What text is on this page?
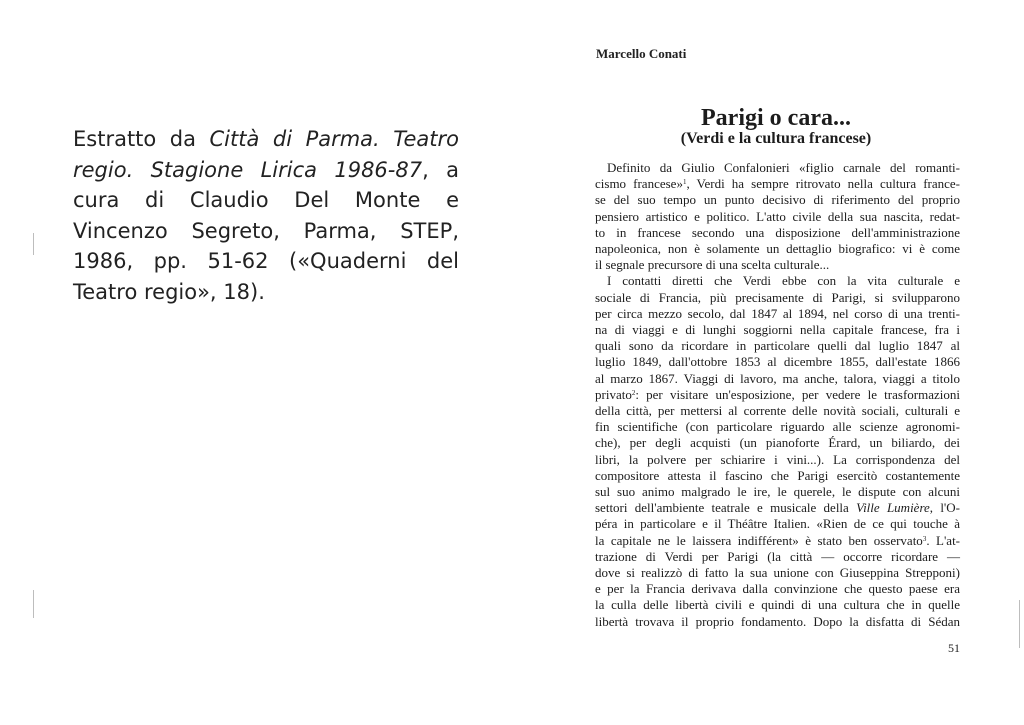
Estratto da Città di Parma. Teatro regio. Stagione Lirica 1986-87, a cura di Claudio Del Monte e Vincenzo Segreto, Parma, STEP, 1986, pp. 51-62 («Quaderni del Teatro regio», 18).

Marcello Conati
Parigi o cara...
(Verdi e la cultura francese)
Definito da Giulio Confalonieri «figlio carnale del romanti-
cismo francese»$^1$, Verdi ha sempre ritrovato nella cultura france-
se del suo tempo un punto decisivo di riferimento del proprio
pensiero artistico e politico. L'atto civile della sua nascita, redat-
to in francese secondo una disposizione dell'amministrazione
napoleonica, non è solamente un dettaglio biografico: vi è come
il segnale precursore di una scelta culturale...
I contatti diretti che Verdi ebbe con la vita culturale e
sociale di Francia, più precisamente di Parigi, si svilupparono
per circa mezzo secolo, dal 1847 al 1894, nel corso di una trenti-
na di viaggi e di lunghi soggiorni nella capitale francese, fra i
quali sono da ricordare in particolare quelli dal luglio 1847 al
luglio 1849, dall'ottobre 1853 al dicembre 1855, dall'estate 1866
al marzo 1867. Viaggi di lavoro, ma anche, talora, viaggi a titolo
privato$^2$: per visitare un'esposizione, per vedere le trasformazioni
della città, per mettersi al corrente delle novità sociali, culturali e
fin scientifiche (con particolare riguardo alle scienze agronomi-
che), per degli acquisti (un pianoforte Érard, un biliardo, dei
libri, la polvere per schiarire i vini...). La corrispondenza del
compositore attesta il fascino che Parigi esercitò costantemente
sul suo animo malgrado le ire, le querele, le dispute con alcuni
settori dell'ambiente teatrale e musicale della Ville Lumière, l'O-
péra in particolare e il Théâtre Italien. «Rien de ce qui touche à
la capitale ne le laissera indifférent» è stato ben osservato$^3$. L'at-
trazione di Verdi per Parigi (la città — occorre ricordare —
dove si realizzò di fatto la sua unione con Giuseppina Strepponi)
e per la Francia derivava dalla convinzione che questo paese era
la culla delle libertà civili e quindi di una cultura che in quelle
libertà trovava il proprio fondamento. Dopo la disfatta di Sédan
51
